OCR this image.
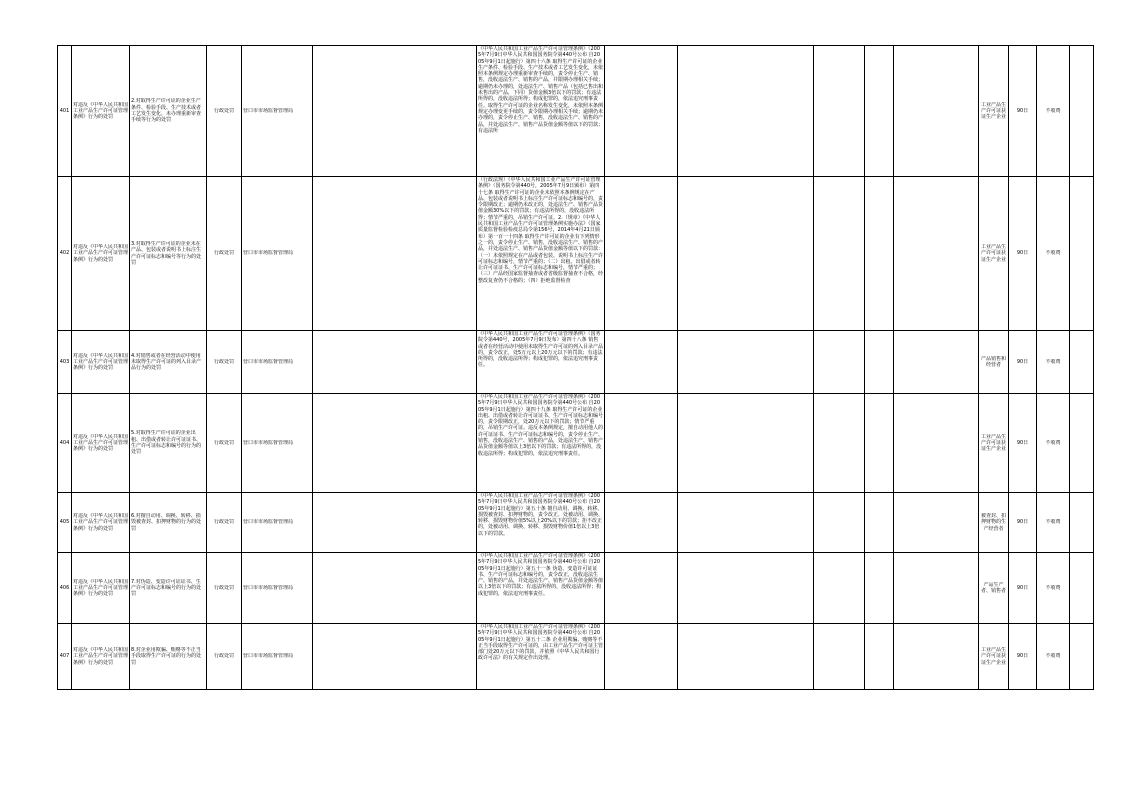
401	对违反《中华人民共和国工业产品生产许可证管理条例》行为的处罚	2.对取得生产许可证的企业生产条件、检验手段、生产技术或者工艺发生变化，未办理重新审查手续等行为的处罚	行政处罚	营口市市场监督管理局		《中华人民共和国工业产品生产许可证管理条例》（2005年7月9日中华人民共和国国务院令第440号公布 自2005年9月1日起施行）第四十六条 取得生产许可证的企业生产条件、检验手段、生产技术或者工艺发生变化，未依照本条例规定办理重新审查手续的，责令停止生产、销售，没收违法生产、销售的产品，并限期办理相关手续；逾期仍未办理的，处违法生产、销售产品（包括已售出和未售出的产品，下同）货值金额3倍以下的罚款；有违法所得的，没收违法所得；构成犯罪的，依法追究刑事责任。取得生产许可证的企业名称发生变化，未依照本条例规定办理变更手续的，责令限期办理相关手续；逾期仍未办理的，责令停止生产、销售，没收违法生产、销售的产品，并处违法生产、销售产品货值金额等值以下的罚款；有违法所						工业产品生产许可证获证生产企业	90日	不收费	

402	对违反《中华人民共和国工业产品生产许可证管理条例》行为的处罚	3.对取得生产许可证的企业未在产品、包装或者说明书上标注生产许可证标志和编号等行为的处罚	行政处罚	营口市市场监督管理局		（行政法规）《中华人民共和国工业产品生产许可证管理条例》（国务院令第440号，2005年7月9日颁布）第四十七条 取得生产许可证的企业未依照本条例规定在产品、包装或者说明书上标注生产许可证标志和编号的，责令限期改正；逾期仍未改正的，处违法生产、销售产品货值金额30%以下的罚款；有违法所得的，没收违法所得；情节严重的，吊销生产许可证。2.（规章）《中华人民共和国工业产品生产许可证管理条例实施办法》（国家质量监督检验检疫总局令第156号，2014年4月21日颁布）第一百一十四条 取得生产许可证的企业有下列情形之一的，责令停止生产、销售，没收违法生产、销售的产品，并处违法生产、销售产品货值金额等值以下的罚款：（一）未依照规定在产品或者包装、说明书上标注生产许可证标志和编号，情节严重的；（二）出租、出借或者转让许可证证书、生产许可证标志和编号，情节严重的；（三）产品经国家监督抽查或者省级监督抽查不合格，经整改复查仍不合格的；（四）拒绝监督检查						工业产品生产许可证获证生产企业	90日	不收费	

403	对违反《中华人民共和国工业产品生产许可证管理条例》行为的处罚	4.对销售或者在经营活动中使用未取得生产许可证的列入目录产品行为的处罚	行政处罚	营口市市场监督管理局		《中华人民共和国工业产品生产许可证管理条例》（国务院令第440号，2005年7月9日发布）第四十八条 销售或者在经营活动中使用未取得生产许可证的列入目录产品的，责令改正，处5万元以上20万元以下的罚款；有违法所得的，没收违法所得；构成犯罪的，依法追究刑事责任。						产品销售和经营者	90日	不收费	

404	对违反《中华人民共和国工业产品生产许可证管理条例》行为的处罚	5.对取得生产许可证的企业出租、出借或者转让许可证证书、生产许可证标志和编号的行为的处罚	行政处罚	营口市市场监督管理局		《中华人民共和国工业产品生产许可证管理条例》（2005年7月9日中华人民共和国国务院令第440号公布 自2005年9月1日起施行）第四十九条 取得生产许可证的企业出租、出借或者转让许可证证书、生产许可证标志和编号的，责令限期改正，处20万元以下的罚款；情节严重的，吊销生产许可证。违反本条例规定，擅自动用他人的许可证证书、生产许可证标志和编号的，责令停止生产、销售，没收违法生产、销售的产品，处违法生产、销售产品货值金额等值以上3倍以下的罚款；有违法所得的，没收违法所得；构成犯罪的，依法追究刑事责任。						工业产品生产许可证获证生产企业	90日	不收费	

405	对违反《中华人民共和国工业产品生产许可证管理条例》行为的处罚	6.对擅自动用、调换、转移、损毁被查封、扣押财物的行为的处罚	行政处罚	营口市市场监督管理局		《中华人民共和国工业产品生产许可证管理条例》（2005年7月9日中华人民共和国国务院令第440号公布 自2005年9月1日起施行）第五十条 擅自动用、调换、转移、损毁被查封、扣押财物的，责令改正，处被动用、调换、转移、损毁财物价值5%以上20%以下的罚款；拒不改正的，处被动用、调换、转移、损毁财物价值1倍以上3倍以下的罚款。						被查封、扣押财物的生产经营者	90日	不收费	

406	对违反《中华人民共和国工业产品生产许可证管理条例》行为的处罚	7.对伪造、变造许可证证书、生产许可证标志和编号的行为的处罚	行政处罚	营口市市场监督管理局		《中华人民共和国工业产品生产许可证管理条例》（2005年7月9日中华人民共和国国务院令第440号公布 自2005年9月1日起施行）第五十一条 伪造、变造许可证证书、生产许可证标志和编号的，责令改正，没收违法生产、销售的产品，并处违法生产、销售产品货值金额等值以上3倍以下的罚款；有违法所得的，没收违法所得；构成犯罪的，依法追究刑事责任。						产品生产者、销售者	90日	不收费	

407	对违反《中华人民共和国工业产品生产许可证管理条例》行为的处罚	8.对企业用欺骗、贿赂等不正当手段取得生产许可证的行为的处罚	行政处罚	营口市市场监督管理局		《中华人民共和国工业产品生产许可证管理条例》（2005年7月9日中华人民共和国国务院令第440号公布 自2005年9月1日起施行）第五十二条 企业用欺骗、贿赂等不正当手段取得生产许可证的，由工业产品生产许可证主管部门处20万元以下的罚款，并依照《中华人民共和国行政许可法》的有关规定作出处理。						工业产品生产许可证获证生产企业	90日	不收费	
